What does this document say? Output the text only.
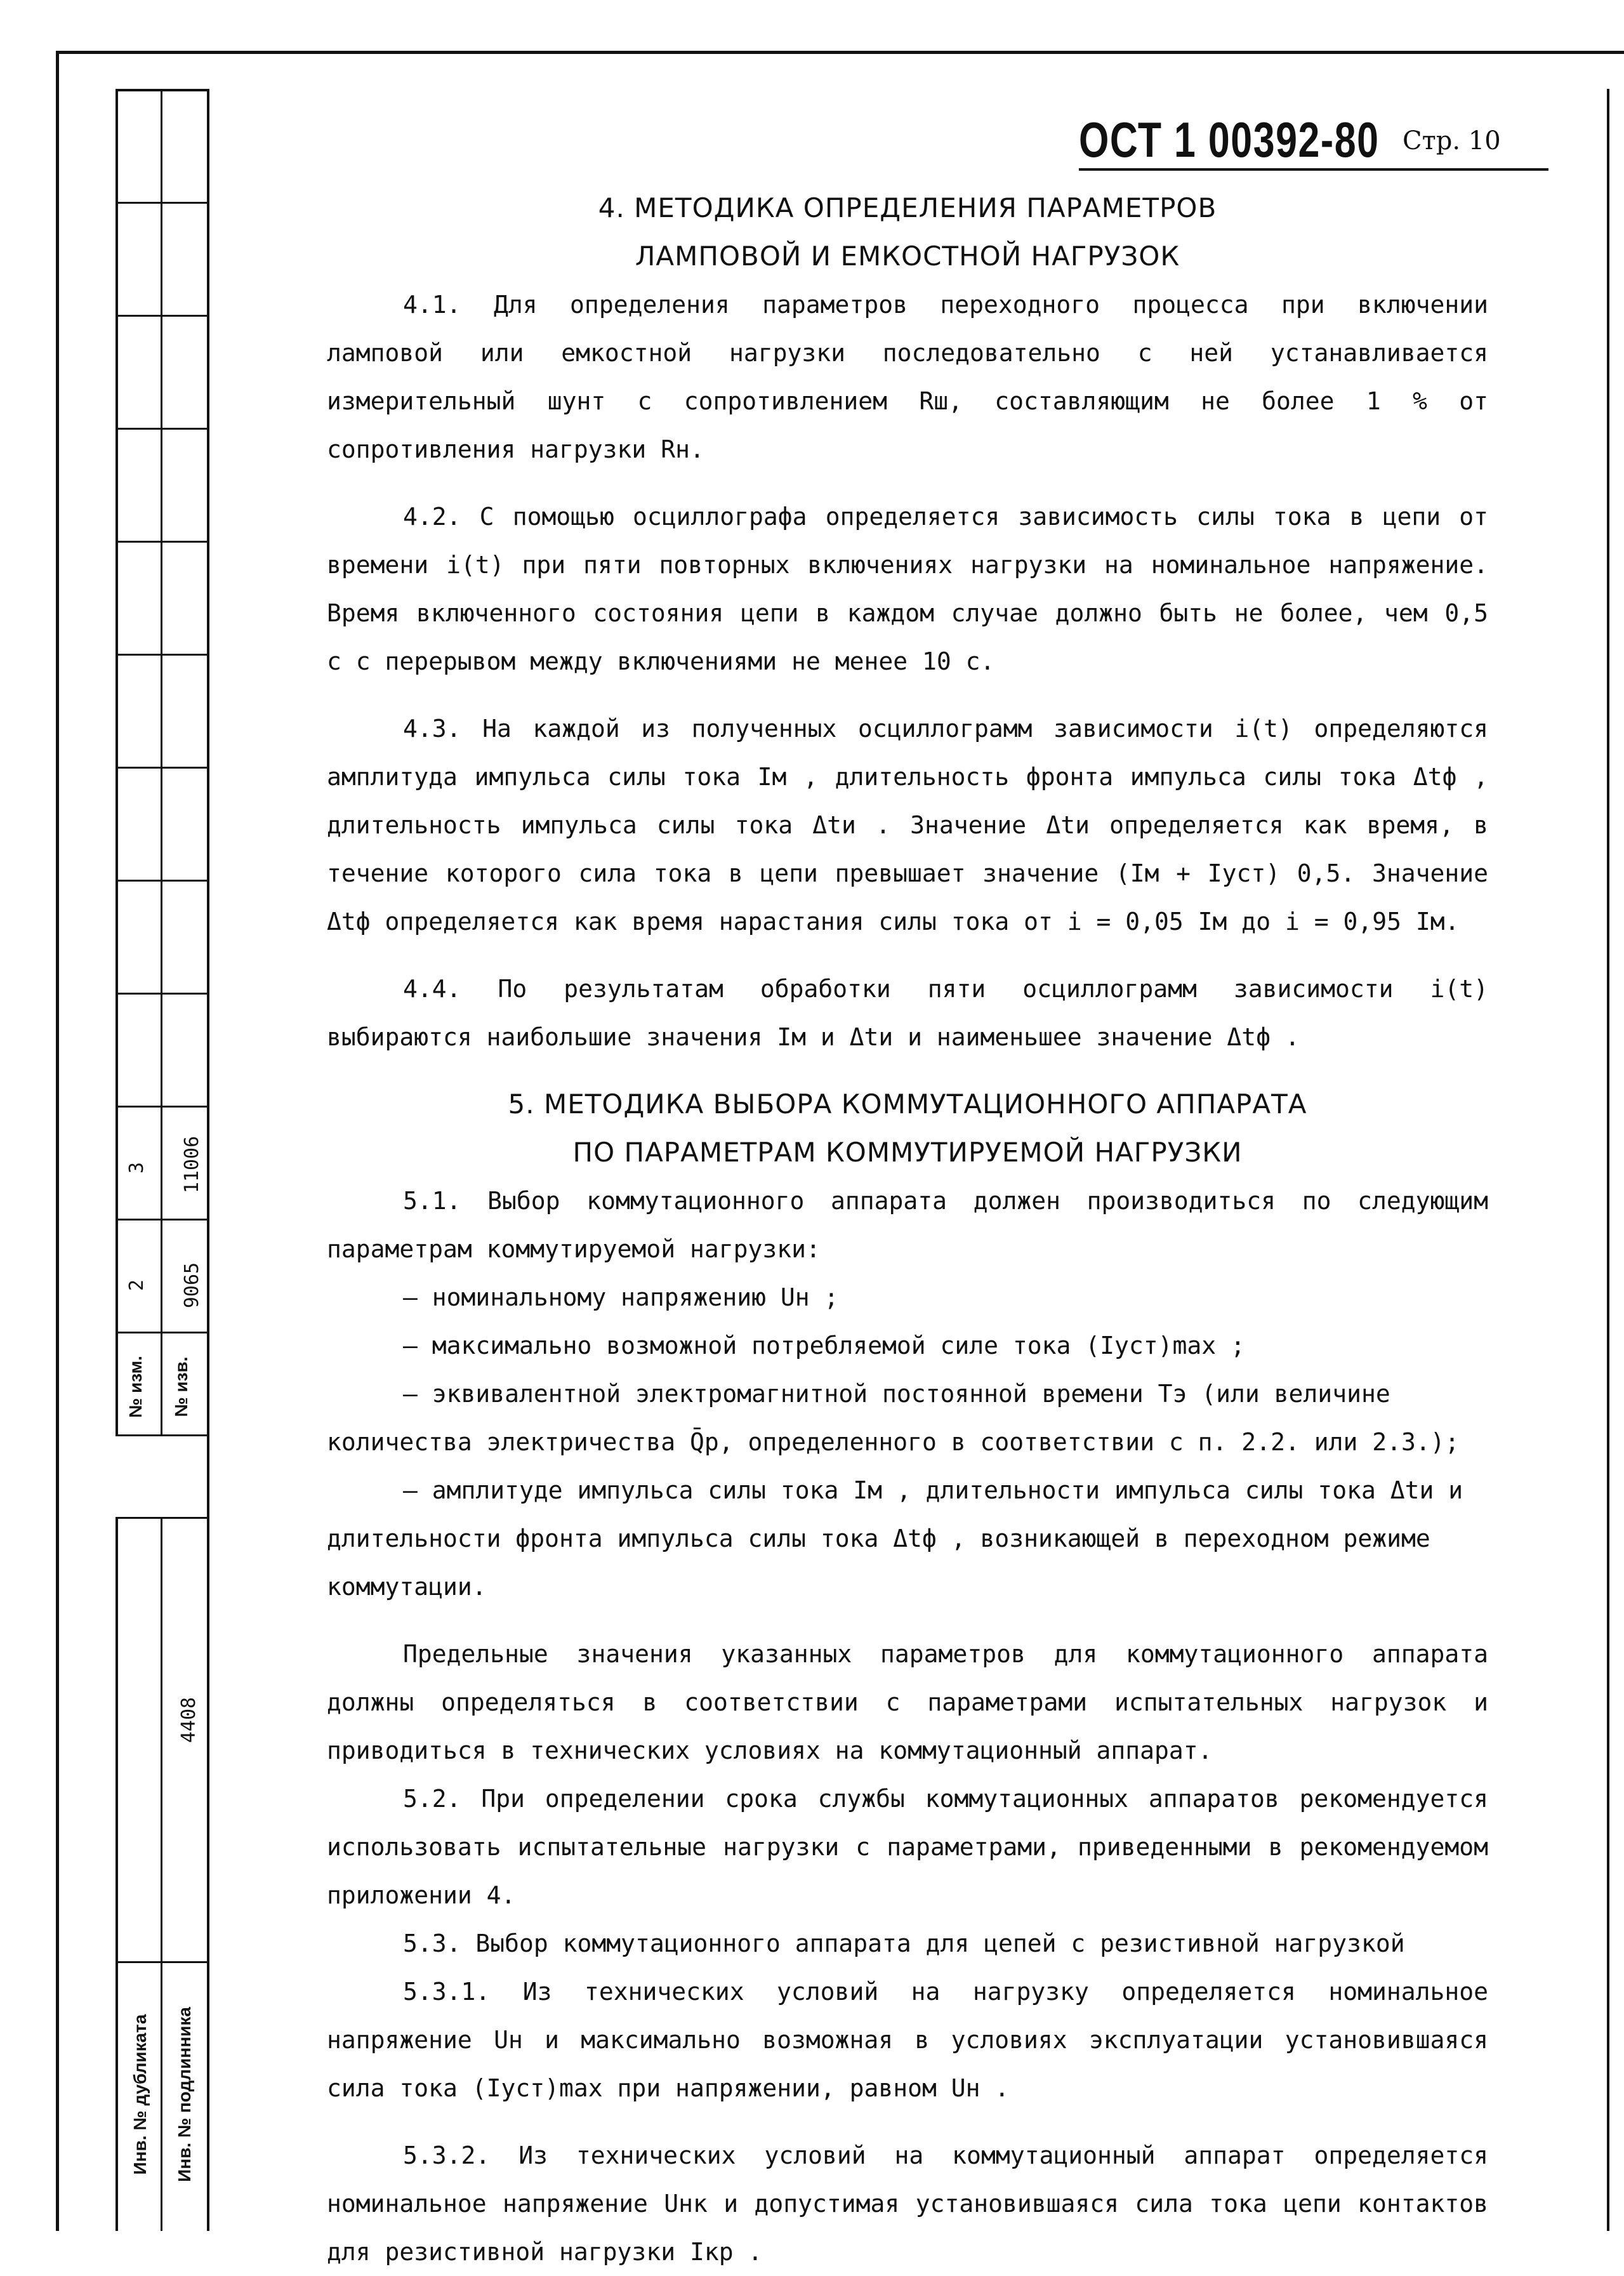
3 11006
2 9065
№ изм.	№ изв.
4408
Инв. № дубликата	Инв. № подлинника
ОСТ 1 00392-80 Стр. 10

4. МЕТОДИКА ОПРЕДЕЛЕНИЯ ПАРАМЕТРОВ

ЛАМПОВОЙ И ЕМКОСТНОЙ НАГРУЗОК

4.1. Для определения параметров переходного процесса при включении ламповой или емкостной нагрузки последовательно с ней устанавливается измерительный шунт с сопротивлением Rш, составляющим не более 1 % от сопротивления нагрузки Rн.

4.2. С помощью осциллографа определяется зависимость силы тока в цепи от времени i(t) при пяти повторных включениях нагрузки на номинальное напряжение. Время включенного состояния цепи в каждом случае должно быть не более, чем 0,5 с с перерывом между включениями не менее 10 с.

4.3. На каждой из полученных осциллограмм зависимости i(t) определяются амплитуда импульса силы тока Iм , длительность фронта импульса силы тока Δtф , длительность импульса силы тока Δtи . Значение Δtи определяется как время, в течение которого сила тока в цепи превышает значение (Iм + Iуст) 0,5. Значение Δtф определяется как время нарастания силы тока от i = 0,05 Iм до i = 0,95 Iм.

4.4. По результатам обработки пяти осциллограмм зависимости i(t) выбираются наибольшие значения Iм и Δtи и наименьшее значение Δtф .

5. МЕТОДИКА ВЫБОРА КОММУТАЦИОННОГО АППАРАТА

ПО ПАРАМЕТРАМ КОММУТИРУЕМОЙ НАГРУЗКИ

5.1. Выбор коммутационного аппарата должен производиться по следующим параметрам коммутируемой нагрузки:

– номинальному напряжению Uн ;

– максимально возможной потребляемой силе тока (Iуст)max ;

– эквивалентной электромагнитной постоянной времени Tэ (или величине количества электричества Q̄p, определенного в соответствии с п. 2.2. или 2.3.);

– амплитуде импульса силы тока Iм , длительности импульса силы тока Δtи и длительности фронта импульса силы тока Δtф , возникающей в переходном режиме коммутации.

Предельные значения указанных параметров для коммутационного аппарата должны определяться в соответствии с параметрами испытательных нагрузок и приводиться в технических условиях на коммутационный аппарат.

5.2. При определении срока службы коммутационных аппаратов рекомендуется использовать испытательные нагрузки с параметрами, приведенными в рекомендуемом приложении 4.

5.3. Выбор коммутационного аппарата для цепей с резистивной нагрузкой

5.3.1. Из технических условий на нагрузку определяется номинальное напряжение Uн и максимально возможная в условиях эксплуатации установившаяся сила тока (Iуст)max при напряжении, равном Uн .

5.3.2. Из технических условий на коммутационный аппарат определяется номинальное напряжение Uнк и допустимая установившаяся сила тока цепи контактов для резистивной нагрузки Iкр .
